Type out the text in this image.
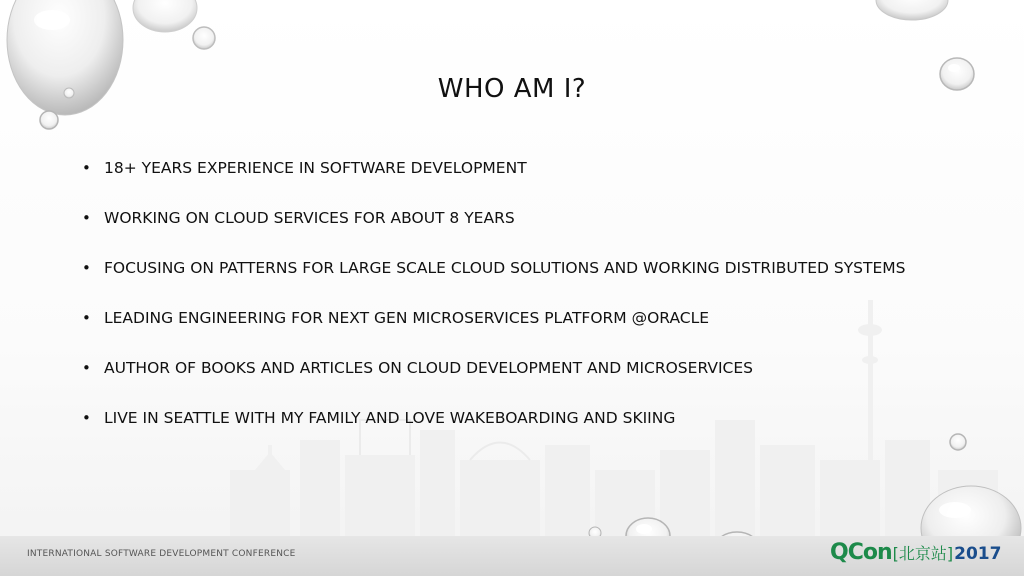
WHO AM I?
• 18+ YEARS EXPERIENCE IN SOFTWARE DEVELOPMENT
• WORKING ON CLOUD SERVICES FOR ABOUT 8 YEARS
• FOCUSING ON PATTERNS FOR LARGE SCALE CLOUD SOLUTIONS AND WORKING DISTRIBUTED SYSTEMS
• LEADING ENGINEERING FOR NEXT GEN MICROSERVICES PLATFORM @ORACLE
• AUTHOR OF BOOKS AND ARTICLES ON CLOUD DEVELOPMENT AND MICROSERVICES
• LIVE IN SEATTLE WITH MY FAMILY AND LOVE WAKEBOARDING AND SKIING
INTERNATIONAL SOFTWARE DEVELOPMENT CONFERENCE	QCon [北京站] 2017
